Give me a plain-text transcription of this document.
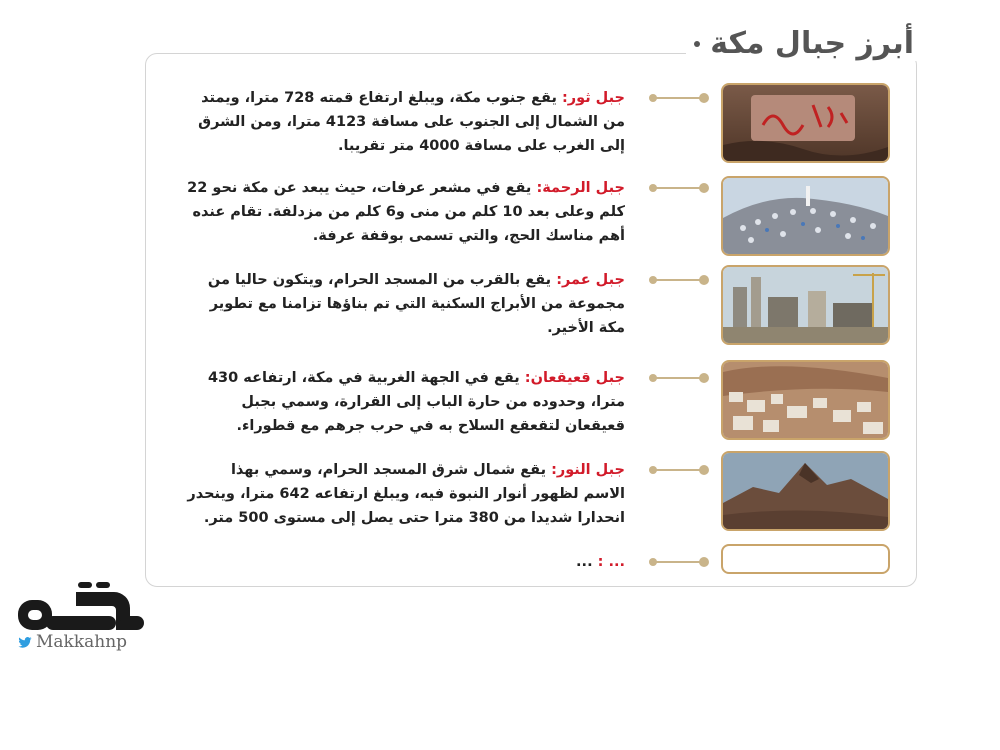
أبرز جبال مكة
جبل ثور: يقع جنوب مكة، ويبلغ ارتفاع قمته 728 مترا، ويمتد من الشمال إلى الجنوب على مسافة 4123 مترا، ومن الشرق إلى الغرب على مسافة 4000 متر تقريبا.
جبل الرحمة: يقع في مشعر عرفات، حيث يبعد عن مكة نحو 22 كلم وعلى بعد 10 كلم من منى و6 كلم من مزدلفة. تقام عنده أهم مناسك الحج، والتي تسمى بوقفة عرفة.
جبل عمر: يقع بالقرب من المسجد الحرام، ويتكون حاليا من مجموعة من الأبراج السكنية التي تم بناؤها تزامنا مع تطوير مكة الأخير.
جبل قعيقعان: يقع في الجهة الغربية في مكة، ارتفاعه 430 مترا، وحدوده من حارة الباب إلى القرارة، وسمي بجبل قعيقعان لتقعقع السلاح به في حرب جرهم مع قطوراء.
جبل النور: يقع شمال شرق المسجد الحرام، وسمي بهذا الاسم لظهور أنوار النبوة فيه، ويبلغ ارتفاعه 642 مترا، وينحدر انحدارا شديدا من 380 مترا حتى يصل إلى مستوى 500 متر.
... : ...
Makkahnp
